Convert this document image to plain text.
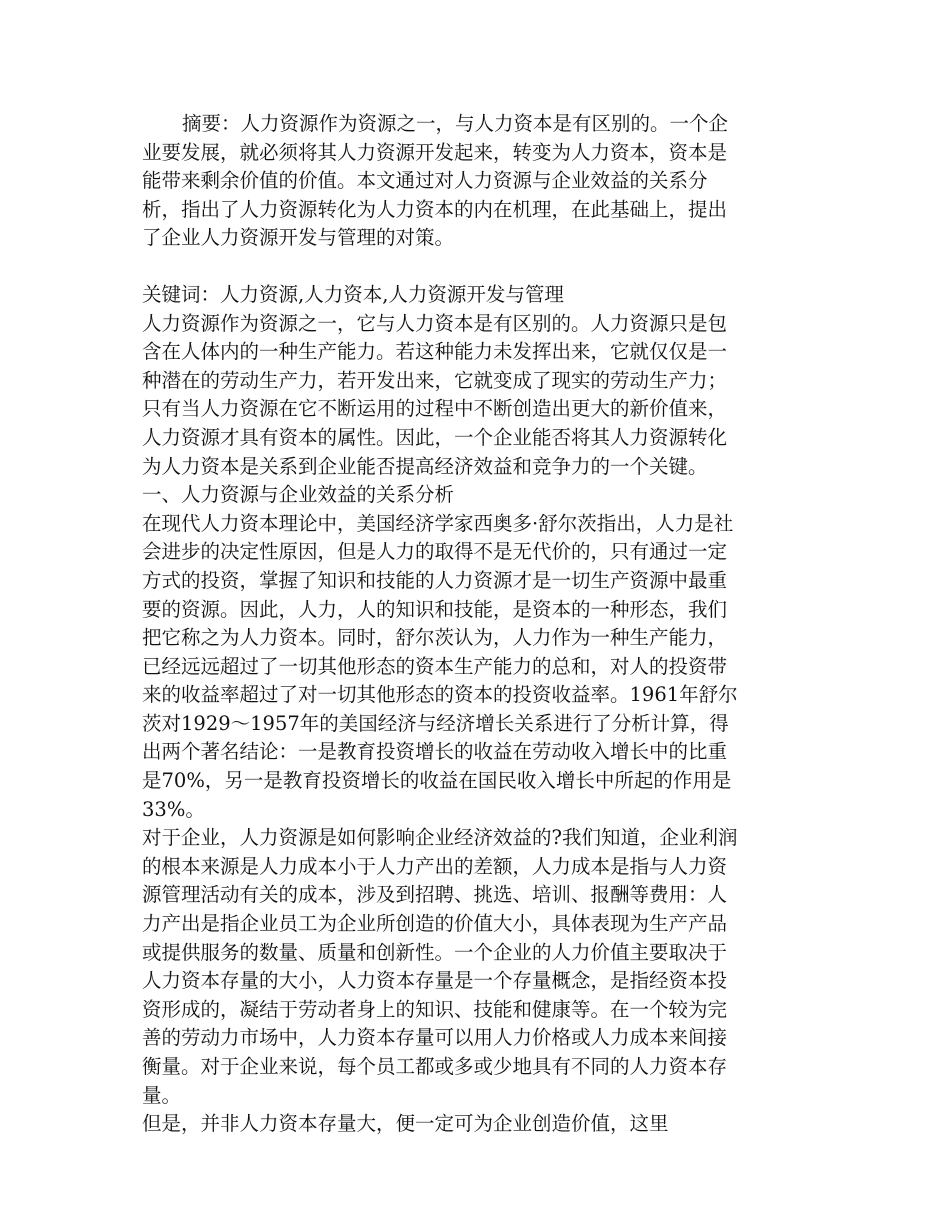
摘要：人力资源作为资源之一，与人力资本是有区别的。一个企业要发展，就必须将其人力资源开发起来，转变为人力资本，资本是能带来剩余价值的价值。本文通过对人力资源与企业效益的关系分析，指出了人力资源转化为人力资本的内在机理，在此基础上，提出了企业人力资源开发与管理的对策。

关键词：人力资源,人力资本,人力资源开发与管理

人力资源作为资源之一，它与人力资本是有区别的。人力资源只是包含在人体内的一种生产能力。若这种能力未发挥出来，它就仅仅是一种潜在的劳动生产力，若开发出来，它就变成了现实的劳动生产力；只有当人力资源在它不断运用的过程中不断创造出更大的新价值来，人力资源才具有资本的属性。因此，一个企业能否将其人力资源转化为人力资本是关系到企业能否提高经济效益和竞争力的一个关键。

一、人力资源与企业效益的关系分析

在现代人力资本理论中，美国经济学家西奥多·舒尔茨指出，人力是社会进步的决定性原因，但是人力的取得不是无代价的，只有通过一定方式的投资，掌握了知识和技能的人力资源才是一切生产资源中最重要的资源。因此，人力，人的知识和技能，是资本的一种形态，我们把它称之为人力资本。同时，舒尔茨认为，人力作为一种生产能力，已经远远超过了一切其他形态的资本生产能力的总和，对人的投资带来的收益率超过了对一切其他形态的资本的投资收益率。1961年舒尔茨对1929～1957年的美国经济与经济增长关系进行了分析计算，得出两个著名结论：一是教育投资增长的收益在劳动收入增长中的比重是70%，另一是教育投资增长的收益在国民收入增长中所起的作用是33%。

对于企业，人力资源是如何影响企业经济效益的?我们知道，企业利润的根本来源是人力成本小于人力产出的差额，人力成本是指与人力资源管理活动有关的成本，涉及到招聘、挑选、培训、报酬等费用：人力产出是指企业员工为企业所创造的价值大小，具体表现为生产产品或提供服务的数量、质量和创新性。一个企业的人力价值主要取决于人力资本存量的大小，人力资本存量是一个存量概念，是指经资本投资形成的，凝结于劳动者身上的知识、技能和健康等。在一个较为完善的劳动力市场中，人力资本存量可以用人力价格或人力成本来间接衡量。对于企业来说，每个员工都或多或少地具有不同的人力资本存量。

但是，并非人力资本存量大，便一定可为企业创造价值，这里
